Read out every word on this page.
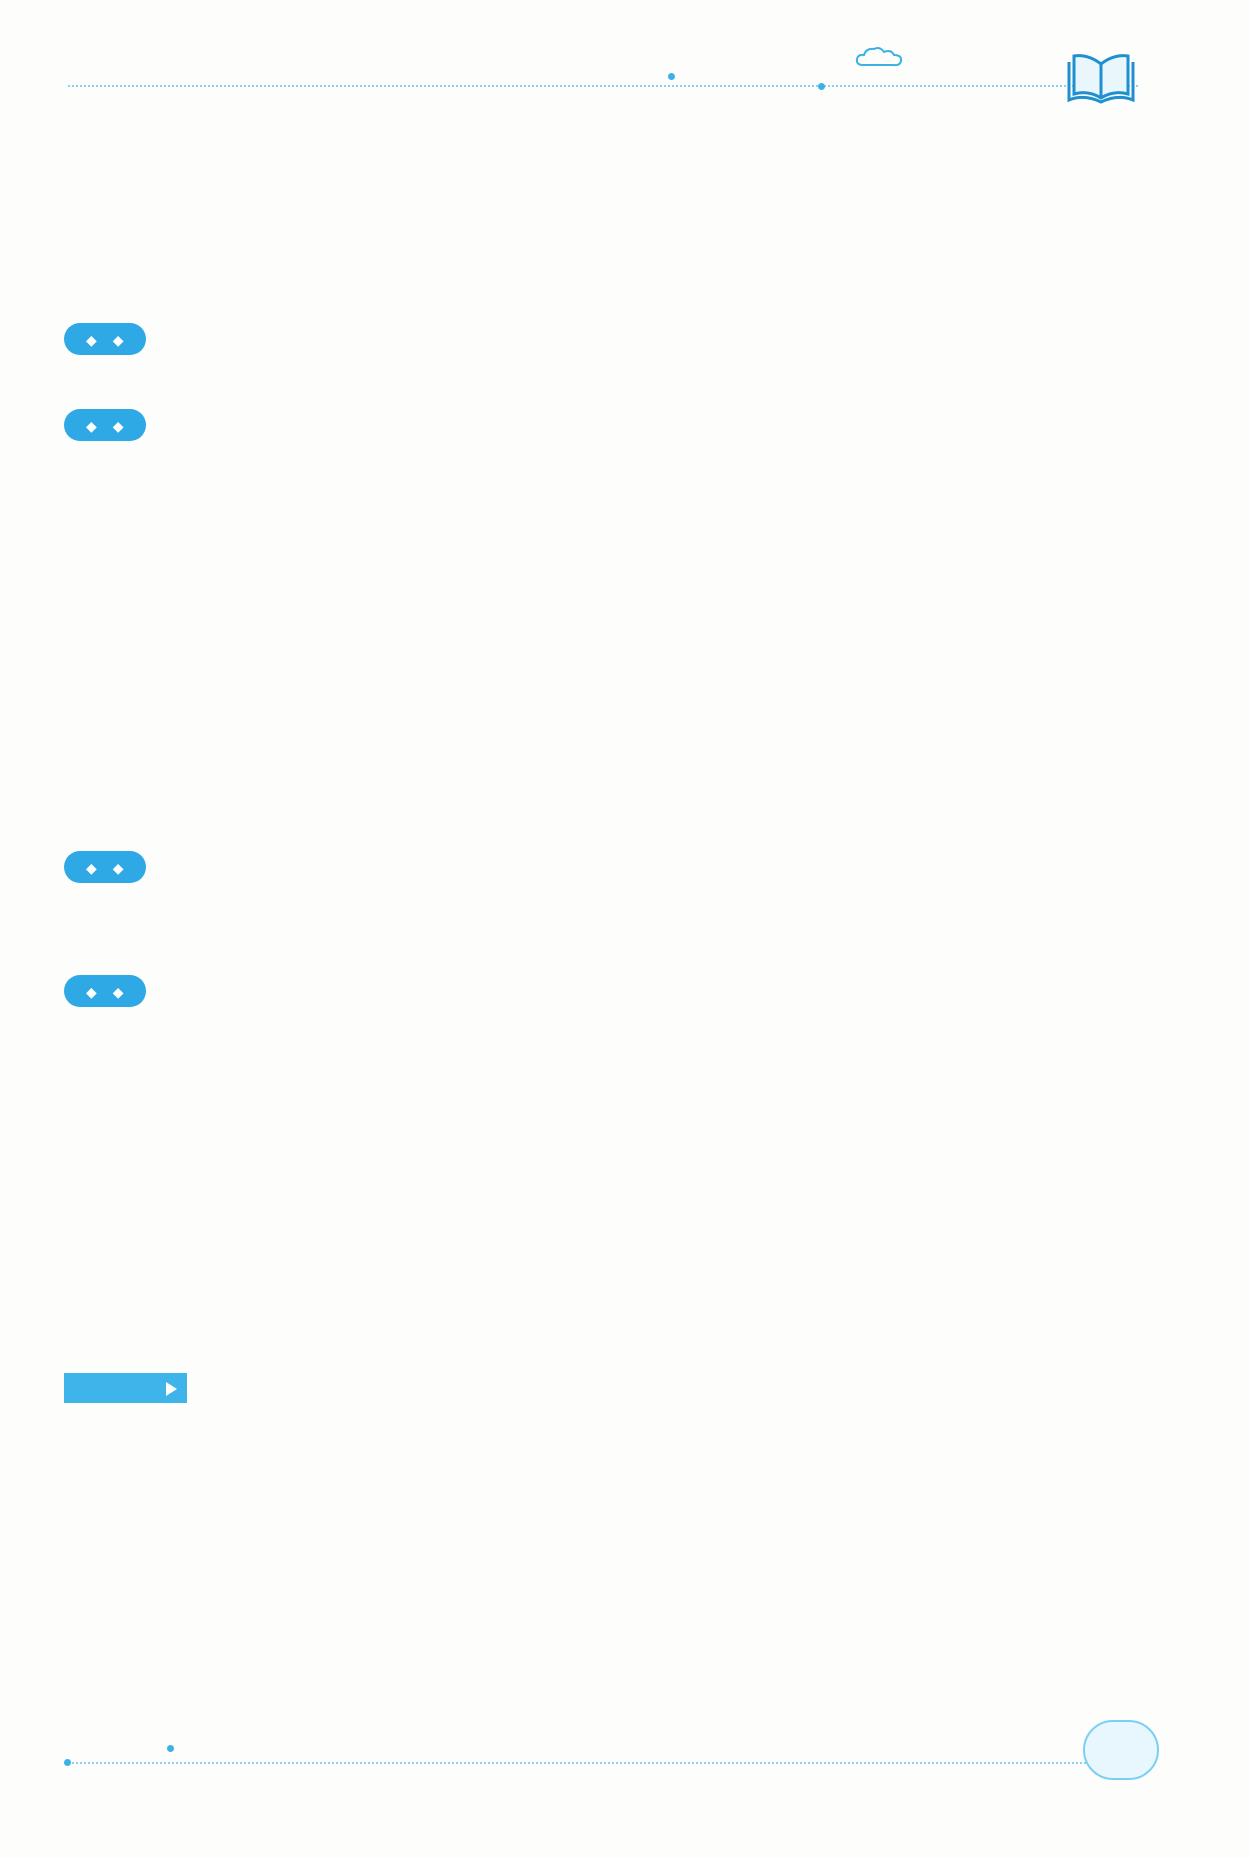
◆ ◆
◆ ◆
◆ ◆
◆ ◆
